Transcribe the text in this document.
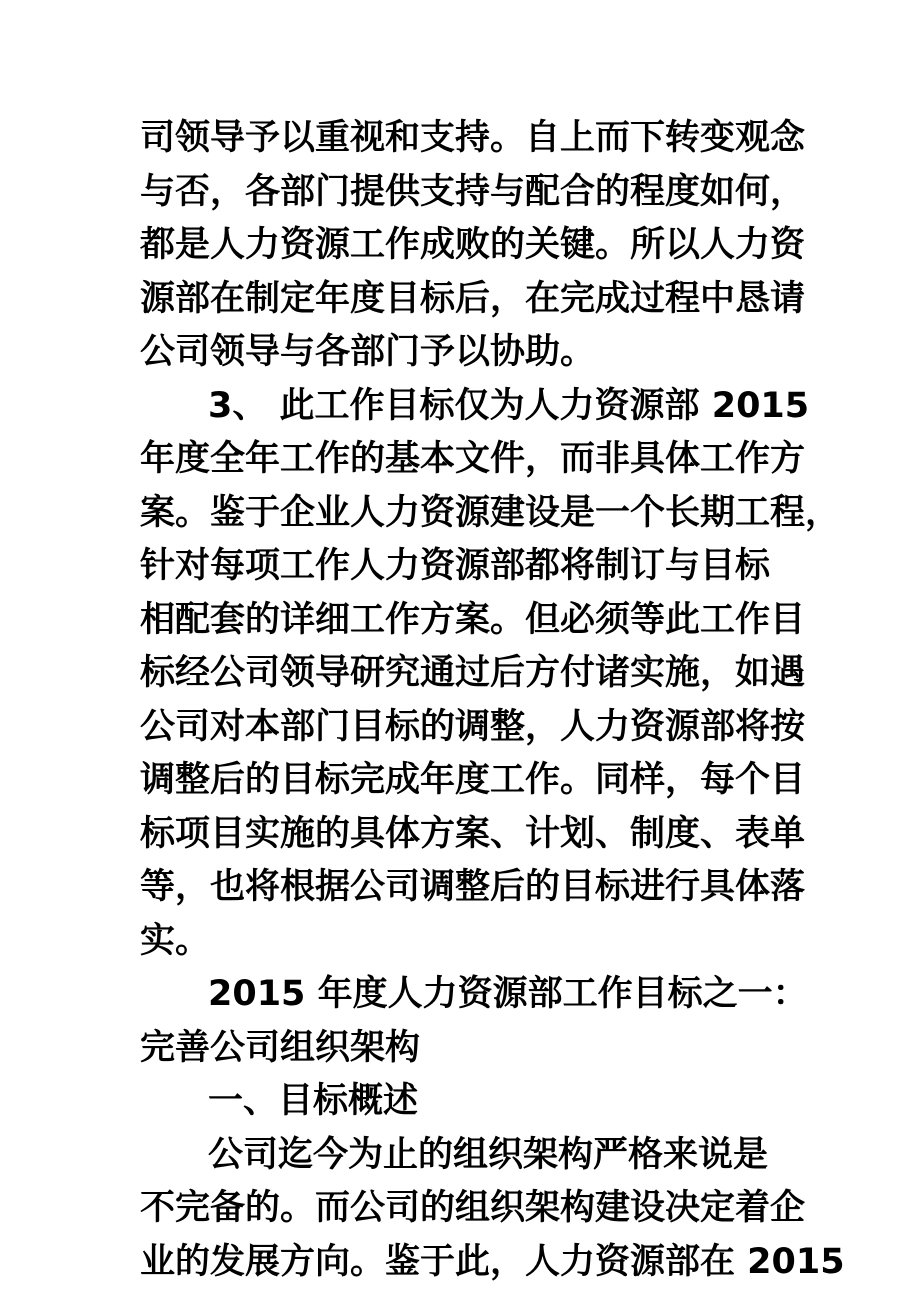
司领导予以重视和支持。自上而下转变观念
与否，各部门提供支持与配合的程度如何，
都是人力资源工作成败的关键。所以人力资
源部在制定年度目标后，在完成过程中恳请
公司领导与各部门予以协助。
3、 此工作目标仅为人力资源部 2015
年度全年工作的基本文件，而非具体工作方
案。鉴于企业人力资源建设是一个长期工程，
针对每项工作人力资源部都将制订与目标
相配套的详细工作方案。但必须等此工作目
标经公司领导研究通过后方付诸实施，如遇
公司对本部门目标的调整，人力资源部将按
调整后的目标完成年度工作。同样，每个目
标项目实施的具体方案、计划、制度、表单
等，也将根据公司调整后的目标进行具体落
实。
2015 年度人力资源部工作目标之一：
完善公司组织架构
一、目标概述
公司迄今为止的组织架构严格来说是
不完备的。而公司的组织架构建设决定着企
业的发展方向。鉴于此，人力资源部在 2015
